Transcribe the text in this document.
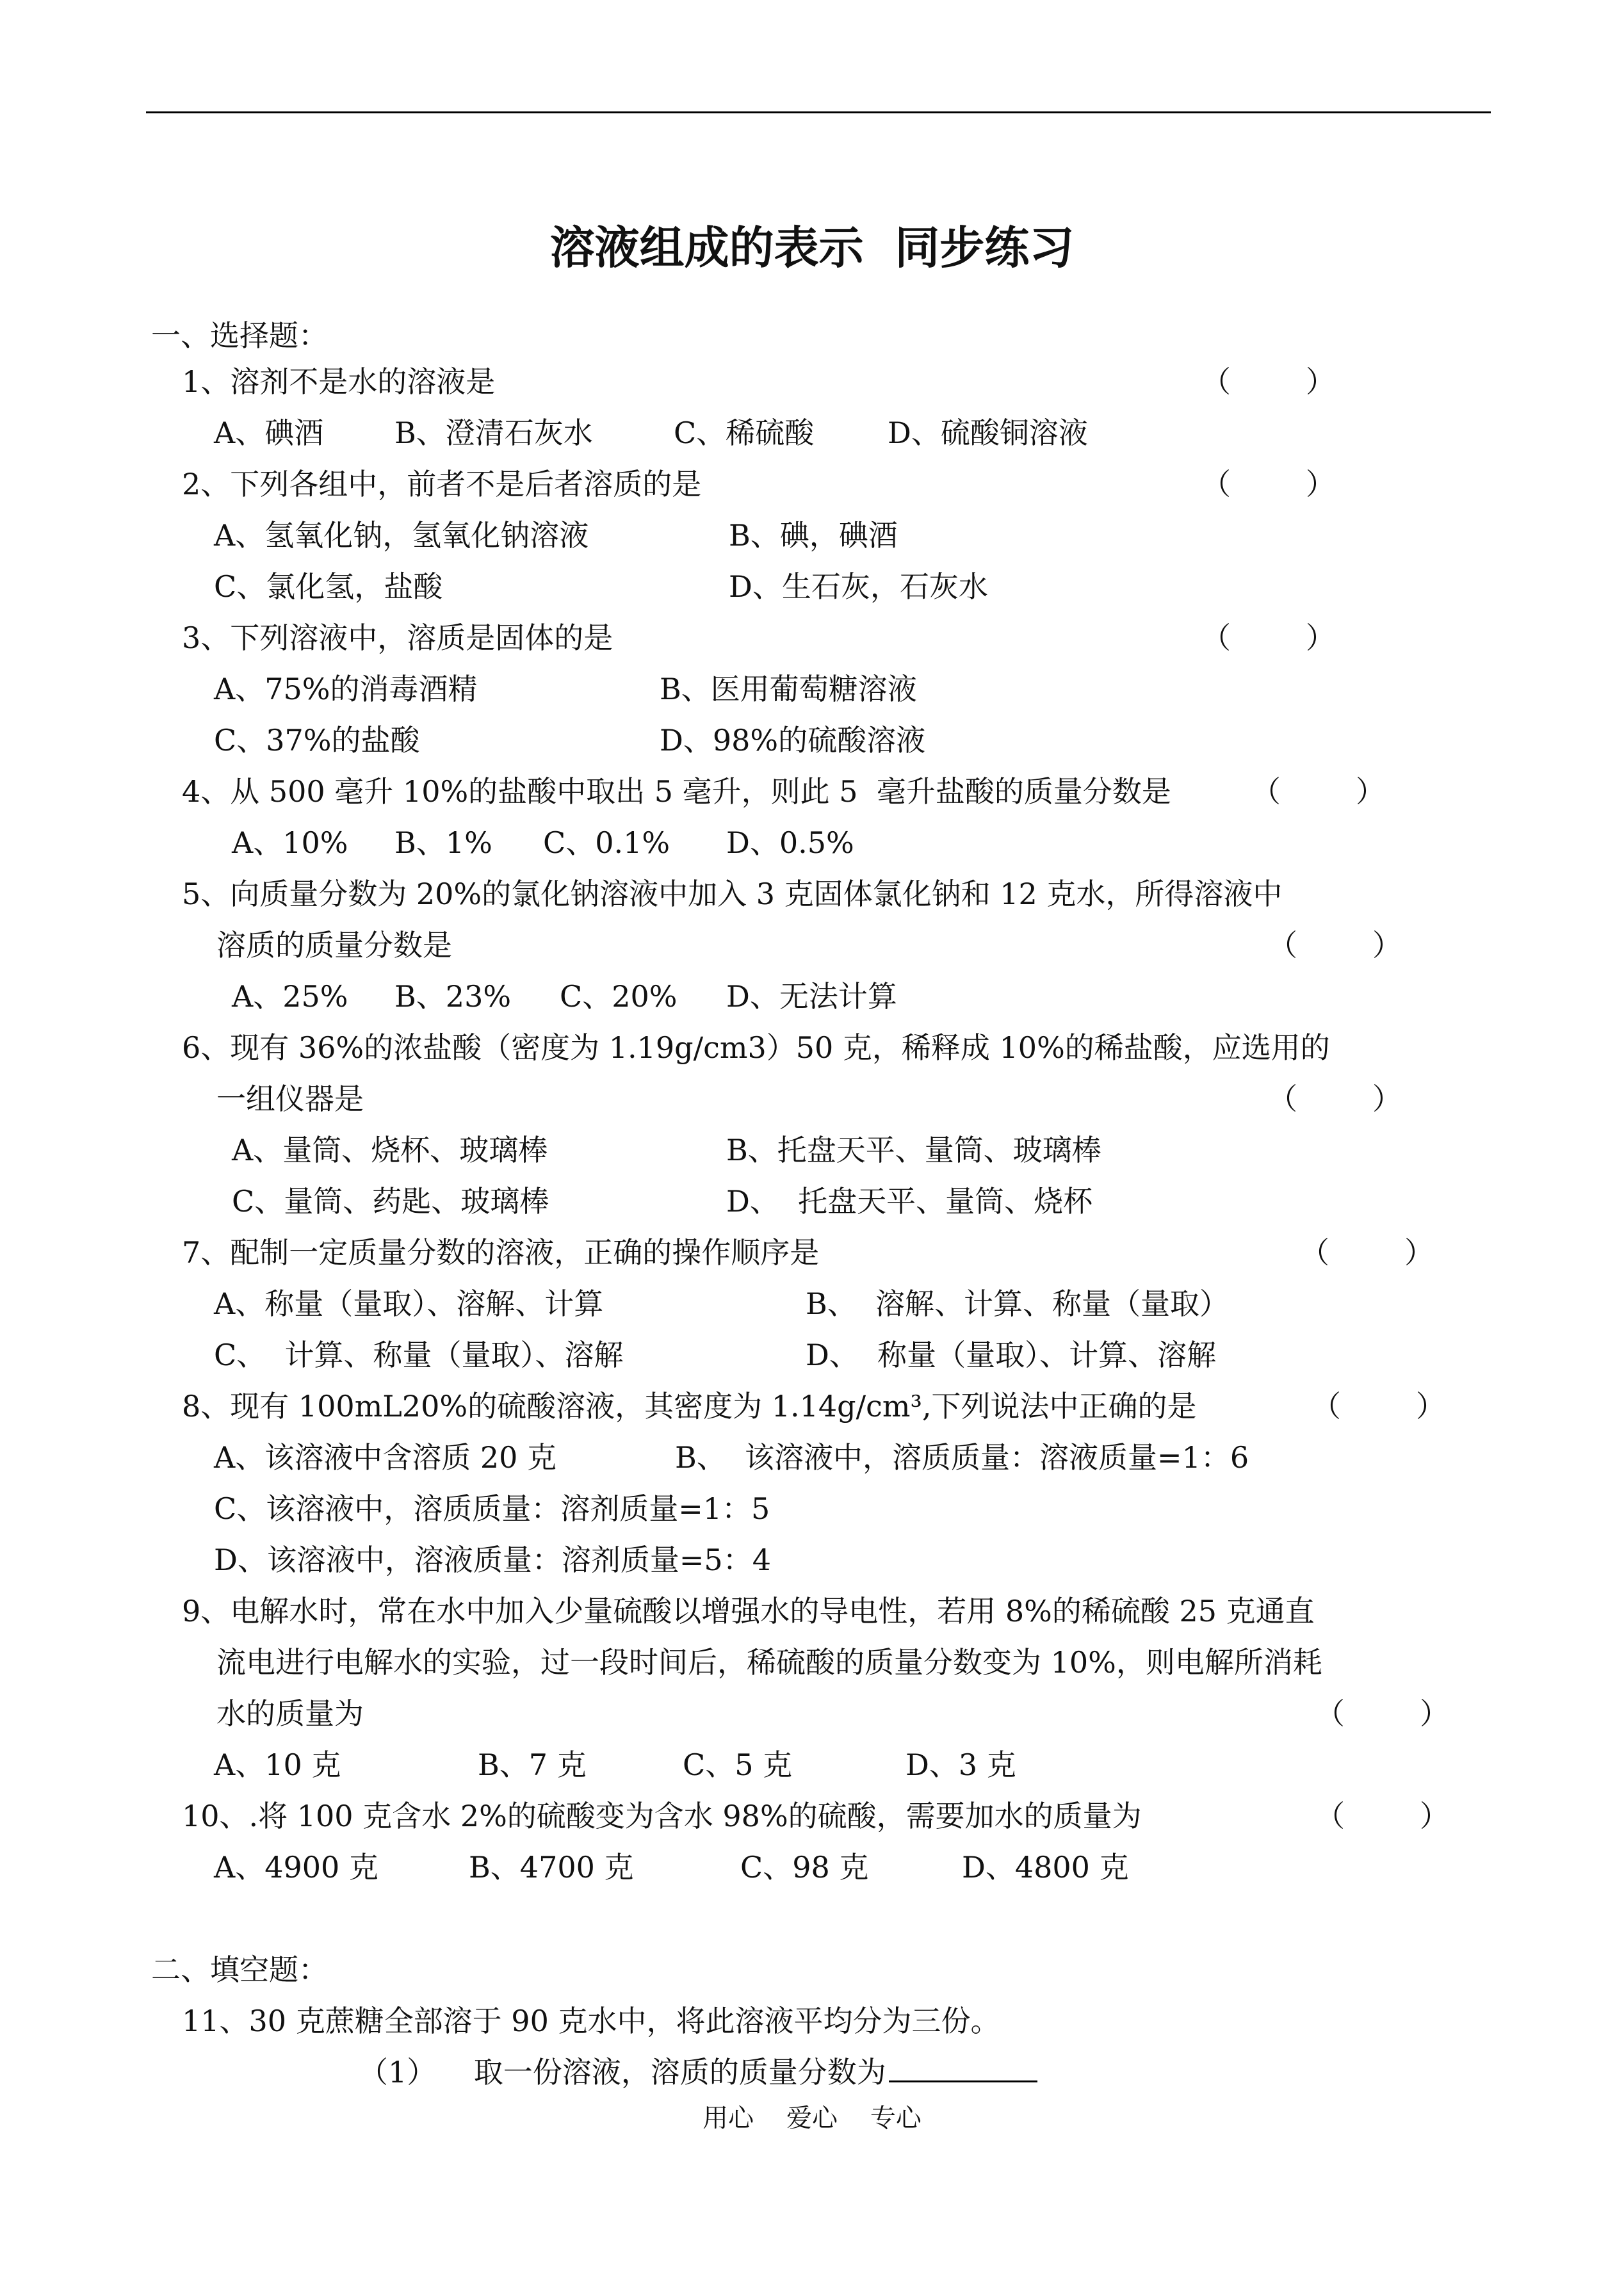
溶液组成的表示  同步练习
一、选择题：
1、溶剂不是水的溶液是	（        ）
A、碘酒 B、澄清石灰水	C、稀硫酸 D、硫酸铜溶液
2、下列各组中，前者不是后者溶质的是	（        ）
A、氢氧化钠，氢氧化钠溶液	B、碘，碘酒
C、氯化氢，盐酸	D、生石灰，石灰水
3、下列溶液中，溶质是固体的是	（        ）
A、75%的消毒酒精	B、医用葡萄糖溶液
C、37%的盐酸	D、98%的硫酸溶液
4、从 500 毫升 10%的盐酸中取出 5 毫升，则此 5  毫升盐酸的质量分数是	（        ）
A、10% B、1% C、0.1% D、0.5%
5、向质量分数为 20%的氯化钠溶液中加入 3 克固体氯化钠和 12 克水，所得溶液中
溶质的质量分数是	（        ）
A、25% B、23% C、20% D、无法计算
6、现有 36%的浓盐酸（密度为 1.19g/cm3）50 克，稀释成 10%的稀盐酸，应选用的
一组仪器是	（        ）
A、量筒、烧杯、玻璃棒	B、托盘天平、量筒、玻璃棒
C、量筒、药匙、玻璃棒	D、  托盘天平、量筒、烧杯
7、配制一定质量分数的溶液，正确的操作顺序是	（        ）
A、称量（量取）、溶解、计算	B、  溶解、计算、称量（量取）
C、  计算、称量（量取）、溶解	D、  称量（量取）、计算、溶解
8、现有 100mL20%的硫酸溶液，其密度为 1.14g/cm³,下列说法中正确的是	（        ）
A、该溶液中含溶质 20 克	B、  该溶液中，溶质质量：溶液质量=1：6
C、该溶液中，溶质质量：溶剂质量=1：5
D、该溶液中，溶液质量：溶剂质量=5：4
9、电解水时，常在水中加入少量硫酸以增强水的导电性，若用 8%的稀硫酸 25 克通直
流电进行电解水的实验，过一段时间后，稀硫酸的质量分数变为 10%，则电解所消耗
水的质量为	（        ）
A、10 克	B、7 克	C、5 克	D、3 克
10、.将 100 克含水 2%的硫酸变为含水 98%的硫酸，需要加水的质量为	（        ）
A、4900 克	B、4700 克	C、98 克	D、4800 克
二、填空题：
11、30 克蔗糖全部溶于 90 克水中，将此溶液平均分为三份。
（1）    取一份溶液，溶质的质量分数为
用心    爱心    专心
